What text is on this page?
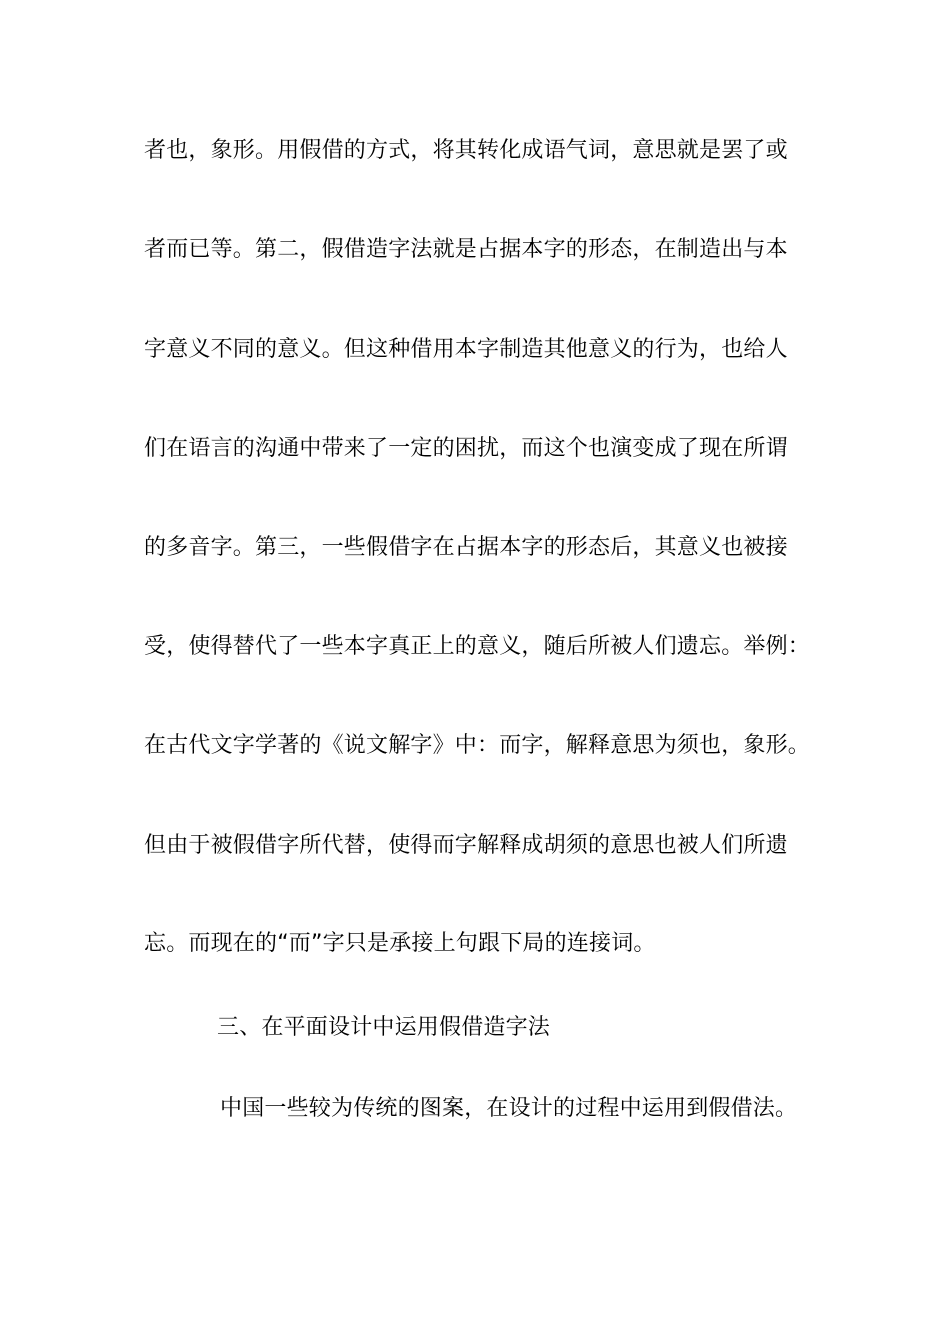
者也，象形。用假借的方式，将其转化成语气词，意思就是罢了或
者而已等。第二，假借造字法就是占据本字的形态，在制造出与本
字意义不同的意义。但这种借用本字制造其他意义的行为，也给人
们在语言的沟通中带来了一定的困扰，而这个也演变成了现在所谓
的多音字。第三，一些假借字在占据本字的形态后，其意义也被接
受，使得替代了一些本字真正上的意义，随后所被人们遗忘。举例：
在古代文字学著的《说文解字》中：而字，解释意思为须也，象形。
但由于被假借字所代替，使得而字解释成胡须的意思也被人们所遗
忘。而现在的“而”字只是承接上句跟下局的连接词。
三、在平面设计中运用假借造字法
中国一些较为传统的图案，在设计的过程中运用到假借法。
